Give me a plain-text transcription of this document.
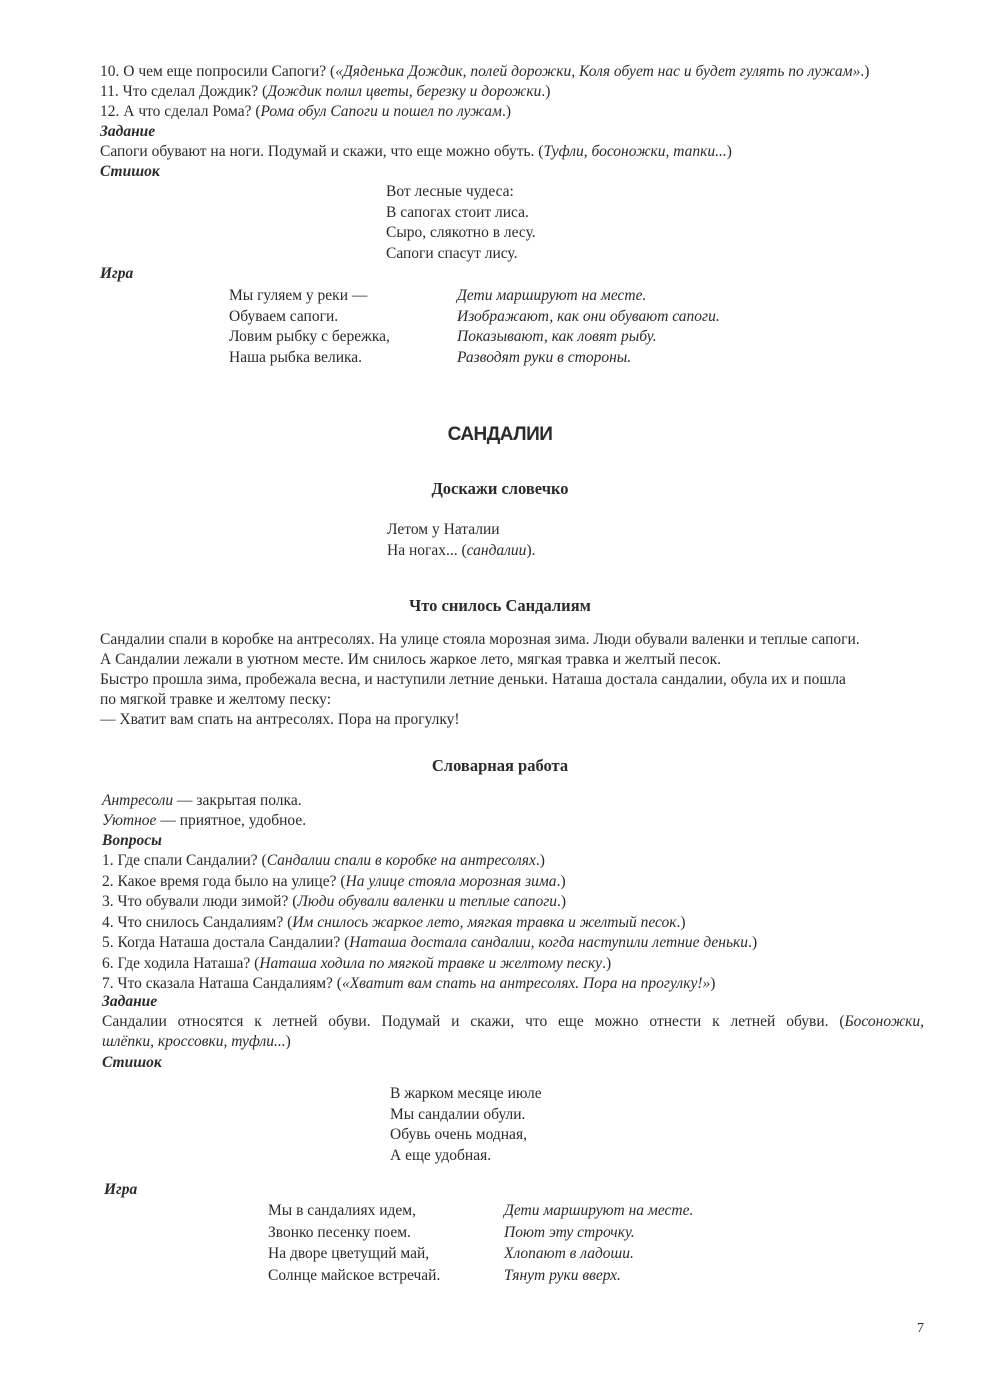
10. О чем еще попросили Сапоги? («Дяденька Дождик, полей дорожки, Коля обует нас и будет гулять по лужам».)
11. Что сделал Дождик? (Дождик полил цветы, березку и дорожки.)
12. А что сделал Рома? (Рома обул Сапоги и пошел по лужам.)
Задание
Сапоги обувают на ноги. Подумай и скажи, что еще можно обуть. (Туфли, босоножки, тапки...)
Стишок
Вот лесные чудеса:
В сапогах стоит лиса.
Сыро, слякотно в лесу.
Сапоги спасут лису.
Игра
Мы гуляем у реки —
Обуваем сапоги.
Ловим рыбку с бережка,
Наша рыбка велика.
Дети маршируют на месте.
Изображают, как они обувают сапоги.
Показывают, как ловят рыбу.
Разводят руки в стороны.
САНДАЛИИ
Доскажи словечко
Летом у Наталии
На ногах... (сандалии).
Что снилось Сандалиям
Сандалии спали в коробке на антресолях. На улице стояла морозная зима. Люди обували валенки и теплые сапоги.
А Сандалии лежали в уютном месте. Им снилось жаркое лето, мягкая травка и желтый песок.
Быстро прошла зима, пробежала весна, и наступили летние деньки. Наташа достала сандалии, обула их и пошла
по мягкой травке и желтому песку:
— Хватит вам спать на антресолях. Пора на прогулку!
Словарная работа
Антресоли — закрытая полка.
Уютное — приятное, удобное.
Вопросы
1. Где спали Сандалии? (Сандалии спали в коробке на антресолях.)
2. Какое время года было на улице? (На улице стояла морозная зима.)
3. Что обували люди зимой? (Люди обували валенки и теплые сапоги.)
4. Что снилось Сандалиям? (Им снилось жаркое лето, мягкая травка и желтый песок.)
5. Когда Наташа достала Сандалии? (Наташа достала сандалии, когда наступили летние деньки.)
6. Где ходила Наташа? (Наташа ходила по мягкой травке и желтому песку.)
7. Что сказала Наташа Сандалиям? («Хватит вам спать на антресолях. Пора на прогулку!»)
Задание
Сандалии относятся к летней обуви. Подумай и скажи, что еще можно отнести к летней обуви. (Босоножки,
шлёпки, кроссовки, туфли...)
Стишок
В жарком месяце июле
Мы сандалии обули.
Обувь очень модная,
А еще удобная.
Игра
Мы в сандалиях идем,
Звонко песенку поем.
На дворе цветущий май,
Солнце майское встречай.
Дети маршируют на месте.
Поют эту строчку.
Хлопают в ладоши.
Тянут руки вверх.
7
